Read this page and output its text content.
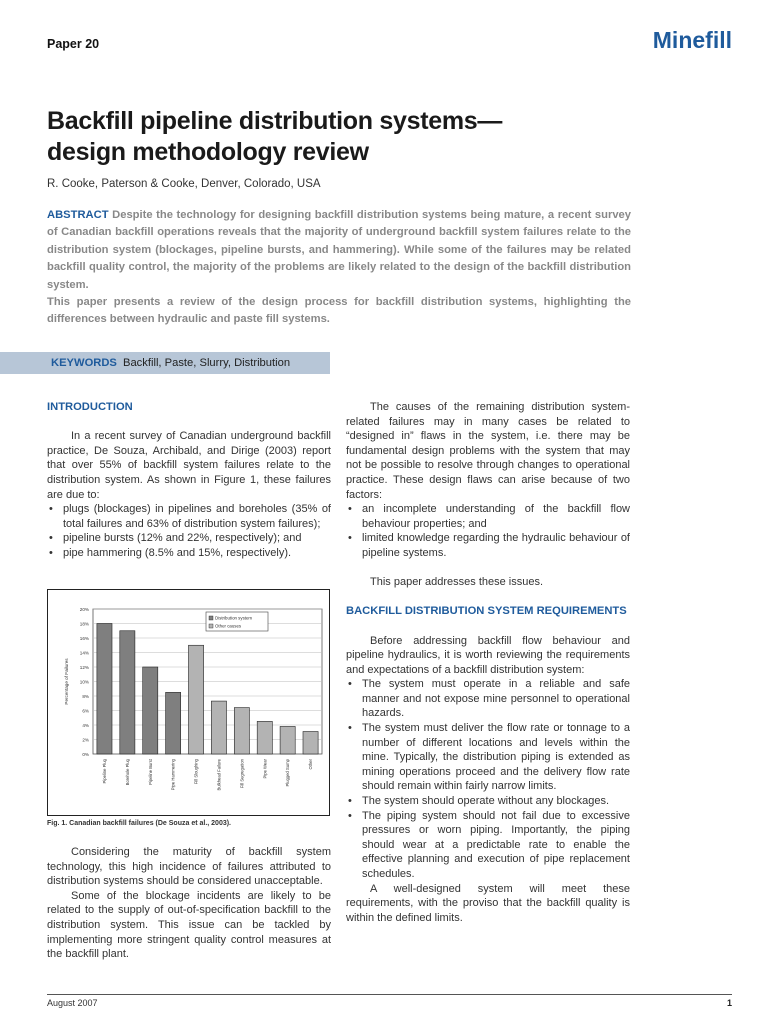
Paper 20	Minefill
Backfill pipeline distribution systems—
design methodology review
R. Cooke, Paterson & Cooke, Denver, Colorado, USA

ABSTRACT Despite the technology for designing backfill distribution systems being mature, a recent survey of Canadian backfill operations reveals that the majority of underground backfill system failures relate to the distribution system (blockages, pipeline bursts, and hammering). While some of the failures may be related backfill quality control, the majority of the problems are likely related to the design of the backfill distribution system.

This paper presents a review of the design process for backfill distribution systems, highlighting the differences between hydraulic and paste fill systems.

KEYWORDS Backfill, Paste, Slurry, Distribution
INTRODUCTION
In a recent survey of Canadian underground backfill practice, De Souza, Archibald, and Dirige (2003) report that over 55% of backfill system failures relate to the distribution system. As shown in Figure 1, these failures are due to:
• plugs (blockages) in pipelines and boreholes (35% of total failures and 63% of distribution system failures);
• pipeline bursts (12% and 22%, respectively); and
• pipe hammering (8.5% and 15%, respectively).
0%
2%
4%
6%
8%
10%
12%
14%
16%
18%
20%
Percentage of Failures
Pipeline Plug	Borehole Plug	Pipeline Burst	Pipe Hammering	Fill Sloughing	Bulkhead Failure	Fill Segregation	Pipe Wear	Plugged Sump	Other
Distribution system
Other causes
Fig. 1. Canadian backfill failures (De Souza et al., 2003).
Considering the maturity of backfill system technology, this high incidence of failures attributed to distribution systems should be considered unacceptable.
Some of the blockage incidents are likely to be related to the supply of out-of-specification backfill to the distribution system. This issue can be tackled by implementing more stringent quality control measures at the backfill plant.
The causes of the remaining distribution system-related failures may in many cases be related to “designed in” flaws in the system, i.e. there may be fundamental design problems with the system that may not be possible to resolve through changes to operational practice. These design flaws can arise because of two factors:
• an incomplete understanding of the backfill flow behaviour properties; and
• limited knowledge regarding the hydraulic behaviour of pipeline systems.
This paper addresses these issues.
BACKFILL DISTRIBUTION SYSTEM REQUIREMENTS
Before addressing backfill flow behaviour and pipeline hydraulics, it is worth reviewing the requirements and expectations of a backfill distribution system:
• The system must operate in a reliable and safe manner and not expose mine personnel to operational hazards.
• The system must deliver the flow rate or tonnage to a number of different locations and levels within the mine. Typically, the distribution piping is extended as mining operations proceed and the delivery flow rate should remain within fairly narrow limits.
• The system should operate without any blockages.
• The piping system should not fail due to excessive pressures or worn piping. Importantly, the piping should wear at a predictable rate to enable the effective planning and execution of pipe replacement schedules.
A well-designed system will meet these requirements, with the proviso that the backfill quality is within the defined limits.
August 2007	1
